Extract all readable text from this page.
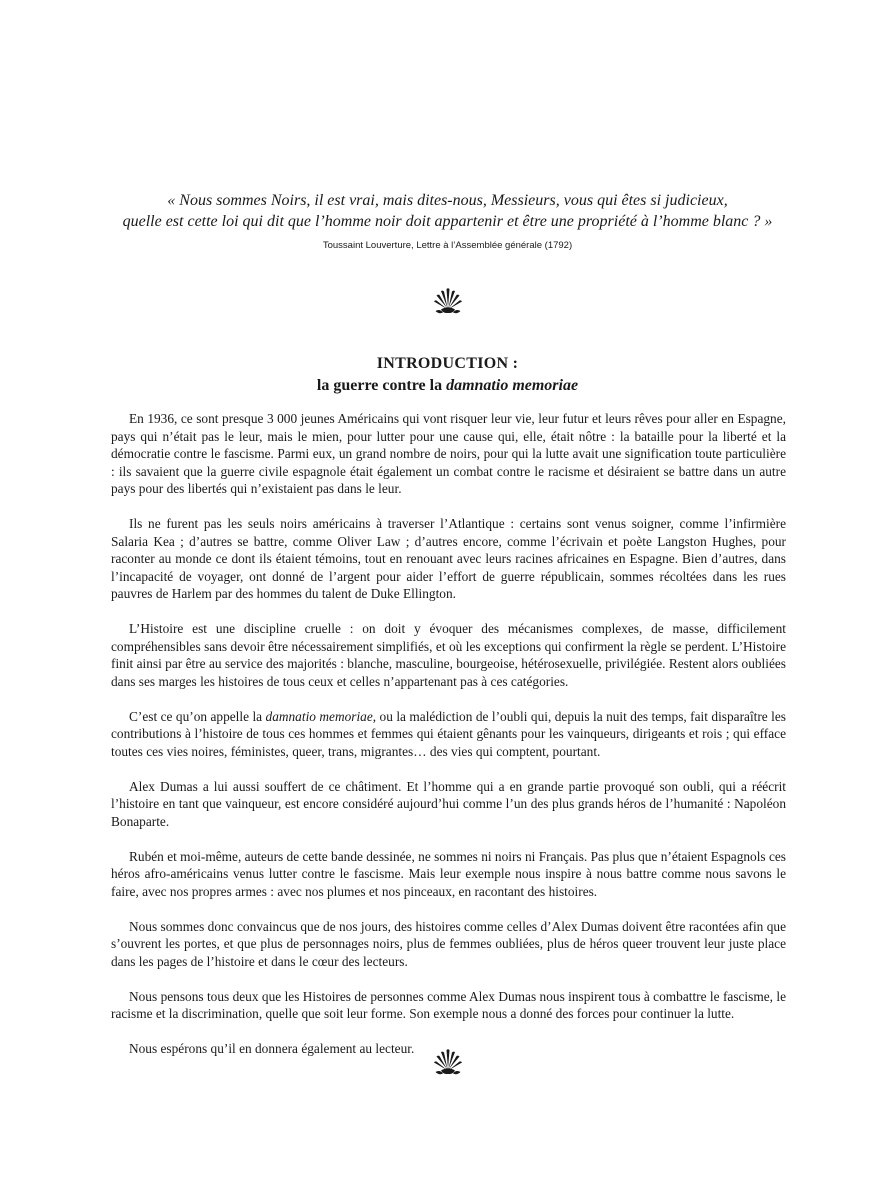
« Nous sommes Noirs, il est vrai, mais dites-nous, Messieurs, vous qui êtes si judicieux,
quelle est cette loi qui dit que l’homme noir doit appartenir et être une propriété à l’homme blanc ? »

Toussaint Louverture, Lettre à l’Assemblée générale (1792)
INTRODUCTION :
la guerre contre la damnatio memoriae

En 1936, ce sont presque 3 000 jeunes Américains qui vont risquer leur vie, leur futur et leurs rêves pour aller en Espagne, pays qui n’était pas le leur, mais le mien, pour lutter pour une cause qui, elle, était nôtre : la bataille pour la liberté et la démocratie contre le fascisme. Parmi eux, un grand nombre de noirs, pour qui la lutte avait une signification toute particulière : ils savaient que la guerre civile espagnole était également un combat contre le racisme et désiraient se battre dans un autre pays pour des libertés qui n’existaient pas dans le leur.

Ils ne furent pas les seuls noirs américains à traverser l’Atlantique : certains sont venus soigner, comme l’infirmière Salaria Kea ; d’autres se battre, comme Oliver Law ; d’autres encore, comme l’écrivain et poète Langston Hughes, pour raconter au monde ce dont ils étaient témoins, tout en renouant avec leurs racines africaines en Espagne. Bien d’autres, dans l’incapacité de voyager, ont donné de l’argent pour aider l’effort de guerre républicain, sommes récoltées dans les rues pauvres de Harlem par des hommes du talent de Duke Ellington.

L’Histoire est une discipline cruelle : on doit y évoquer des mécanismes complexes, de masse, difficilement compréhensibles sans devoir être nécessairement simplifiés, et où les exceptions qui confirment la règle se perdent. L’Histoire finit ainsi par être au service des majorités : blanche, masculine, bourgeoise, hétérosexuelle, privilégiée. Restent alors oubliées dans ses marges les histoires de tous ceux et celles n’appartenant pas à ces catégories.

C’est ce qu’on appelle la damnatio memoriae, ou la malédiction de l’oubli qui, depuis la nuit des temps, fait disparaître les contributions à l’histoire de tous ces hommes et femmes qui étaient gênants pour les vainqueurs, dirigeants et rois ; qui efface toutes ces vies noires, féministes, queer, trans, migrantes… des vies qui comptent, pourtant.

Alex Dumas a lui aussi souffert de ce châtiment. Et l’homme qui a en grande partie provoqué son oubli, qui a réécrit l’histoire en tant que vainqueur, est encore considéré aujourd’hui comme l’un des plus grands héros de l’humanité : Napoléon Bonaparte.

Rubén et moi-même, auteurs de cette bande dessinée, ne sommes ni noirs ni Français. Pas plus que n’étaient Espagnols ces héros afro-américains venus lutter contre le fascisme. Mais leur exemple nous inspire à nous battre comme nous savons le faire, avec nos propres armes : avec nos plumes et nos pinceaux, en racontant des histoires.

Nous sommes donc convaincus que de nos jours, des histoires comme celles d’Alex Dumas doivent être racontées afin que s’ouvrent les portes, et que plus de personnages noirs, plus de femmes oubliées, plus de héros queer trouvent leur juste place dans les pages de l’histoire et dans le cœur des lecteurs.

Nous pensons tous deux que les Histoires de personnes comme Alex Dumas nous inspirent tous à combattre le fascisme, le racisme et la discrimination, quelle que soit leur forme. Son exemple nous a donné des forces pour continuer la lutte.

Nous espérons qu’il en donnera également au lecteur.
